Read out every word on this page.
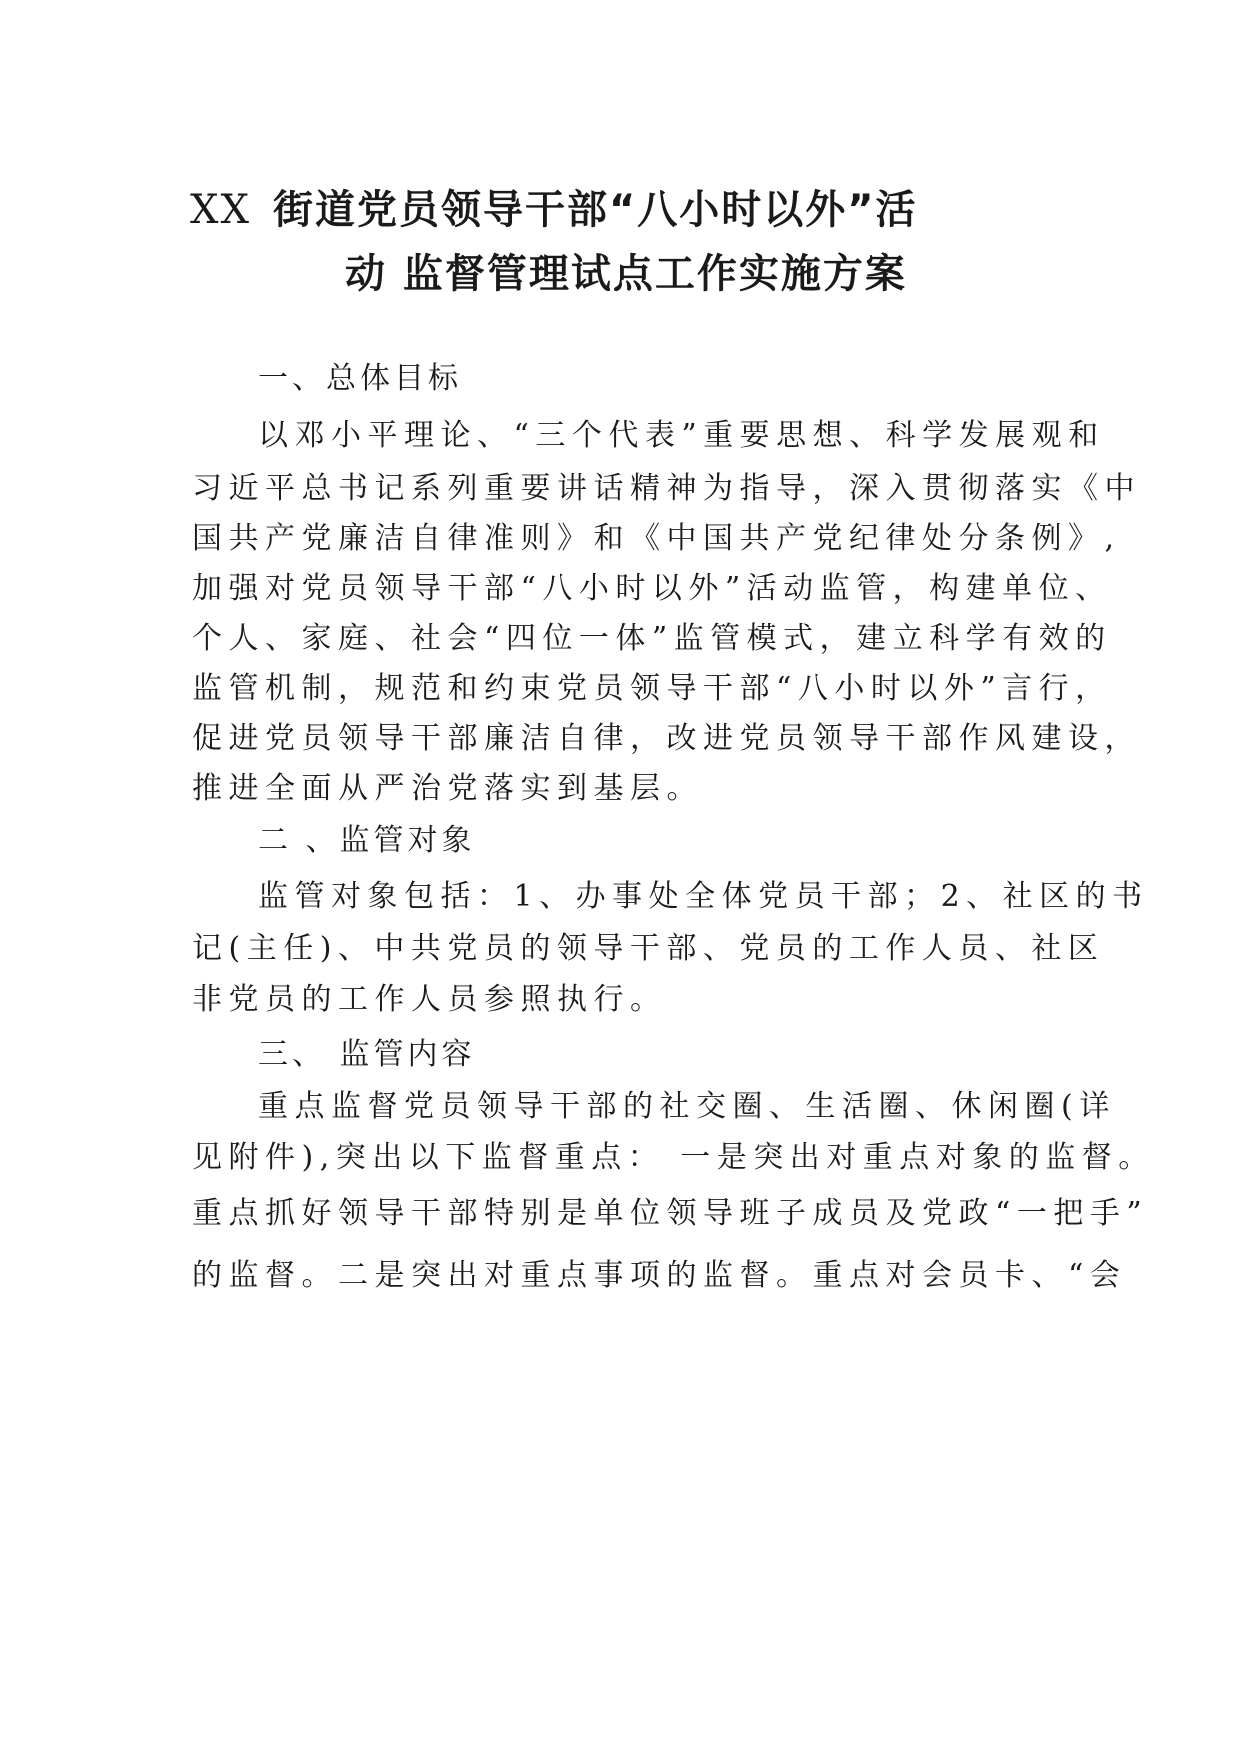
XX 街道党员领导干部“八小时以外”活
动 监督管理试点工作实施方案
一、总体目标
以邓小平理论、“三个代表”重要思想、科学发展观和
习近平总书记系列重要讲话精神为指导，深入贯彻落实《中
国共产党廉洁自律准则》和《中国共产党纪律处分条例》,
加强对党员领导干部“八小时以外”活动监管，构建单位、
个人、家庭、社会“四位一体”监管模式，建立科学有效的
监管机制，规范和约束党员领导干部“八小时以外”言行，
促进党员领导干部廉洁自律，改进党员领导干部作风建设，
推进全面从严治党落实到基层。
二 、监管对象
监管对象包括：1、办事处全体党员干部；2、社区的书
记(主任)、中共党员的领导干部、党员的工作人员、社区
非党员的工作人员参照执行。
三、 监管内容
重点监督党员领导干部的社交圈、生活圈、休闲圈(详
见附件),突出以下监督重点： 一是突出对重点对象的监督。
重点抓好领导干部特别是单位领导班子成员及党政“一把手”
的监督。二是突出对重点事项的监督。重点对会员卡、“会
